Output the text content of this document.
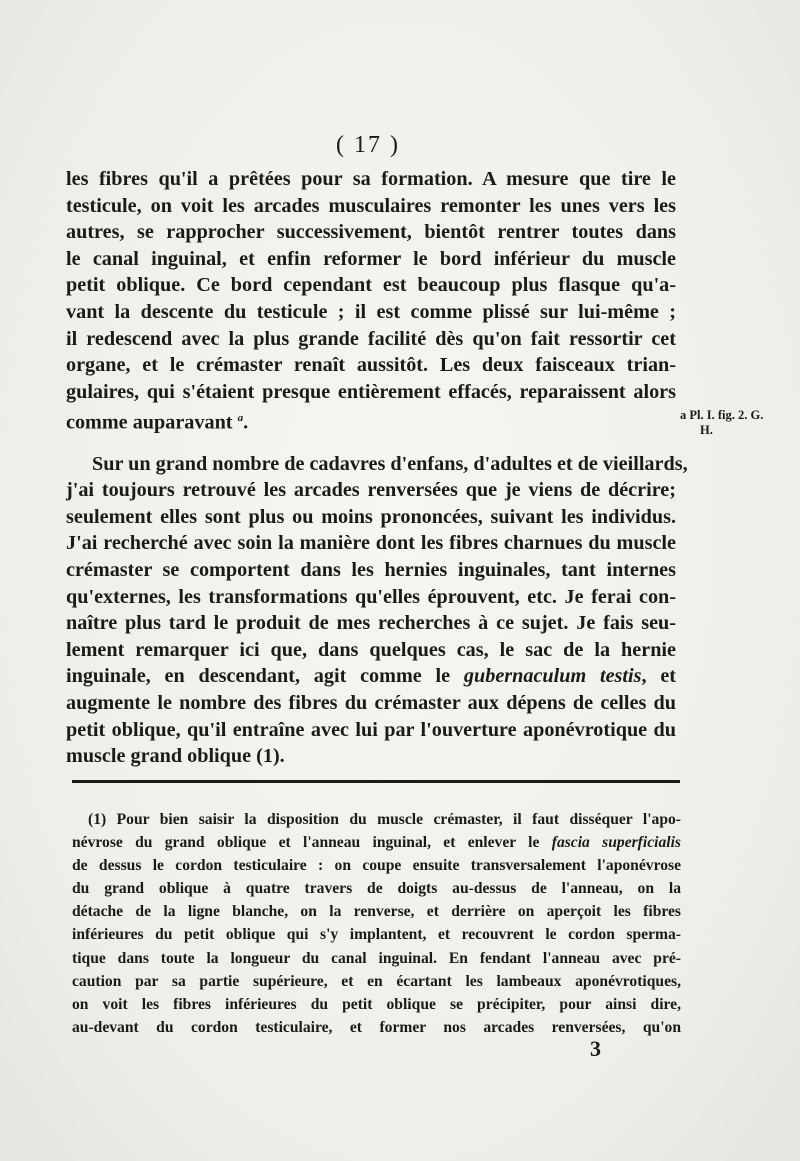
( 17 )

les fibres qu'il a prêtées pour sa formation. A mesure que tire le
testicule, on voit les arcades musculaires remonter les unes vers les
autres, se rapprocher successivement, bientôt rentrer toutes dans
le canal inguinal, et enfin reformer le bord inférieur du muscle
petit oblique. Ce bord cependant est beaucoup plus flasque qu'a-
vant la descente du testicule ; il est comme plissé sur lui-même ;
il redescend avec la plus grande facilité dès qu'on fait ressortir cet
organe, et le crémaster renaît aussitôt. Les deux faisceaux trian-
gulaires, qui s'étaient presque entièrement effacés, reparaissent alors
comme auparavant $^a$.

Sur un grand nombre de cadavres d'enfans, d'adultes et de vieillards,
j'ai toujours retrouvé les arcades renversées que je viens de décrire;
seulement elles sont plus ou moins prononcées, suivant les individus.
J'ai recherché avec soin la manière dont les fibres charnues du muscle
crémaster se comportent dans les hernies inguinales, tant internes
qu'externes, les transformations qu'elles éprouvent, etc. Je ferai con-
naître plus tard le produit de mes recherches à ce sujet. Je fais seu-
lement remarquer ici que, dans quelques cas, le sac de la hernie
inguinale, en descendant, agit comme le gubernaculum testis, et
augmente le nombre des fibres du crémaster aux dépens de celles du
petit oblique, qu'il entraîne avec lui par l'ouverture aponévrotique du
muscle grand oblique (1).

a Pl. I. fig. 2. G.
H.
(1) Pour bien saisir la disposition du muscle crémaster, il faut disséquer l'apo-
névrose du grand oblique et l'anneau inguinal, et enlever le fascia superficialis
de dessus le cordon testiculaire : on coupe ensuite transversalement l'aponévrose
du grand oblique à quatre travers de doigts au-dessus de l'anneau, on la
détache de la ligne blanche, on la renverse, et derrière on aperçoit les fibres
inférieures du petit oblique qui s'y implantent, et recouvrent le cordon sperma-
tique dans toute la longueur du canal inguinal. En fendant l'anneau avec pré-
caution par sa partie supérieure, et en écartant les lambeaux aponévrotiques,
on voit les fibres inférieures du petit oblique se précipiter, pour ainsi dire,
au-devant du cordon testiculaire, et former nos arcades renversées, qu'on
3
